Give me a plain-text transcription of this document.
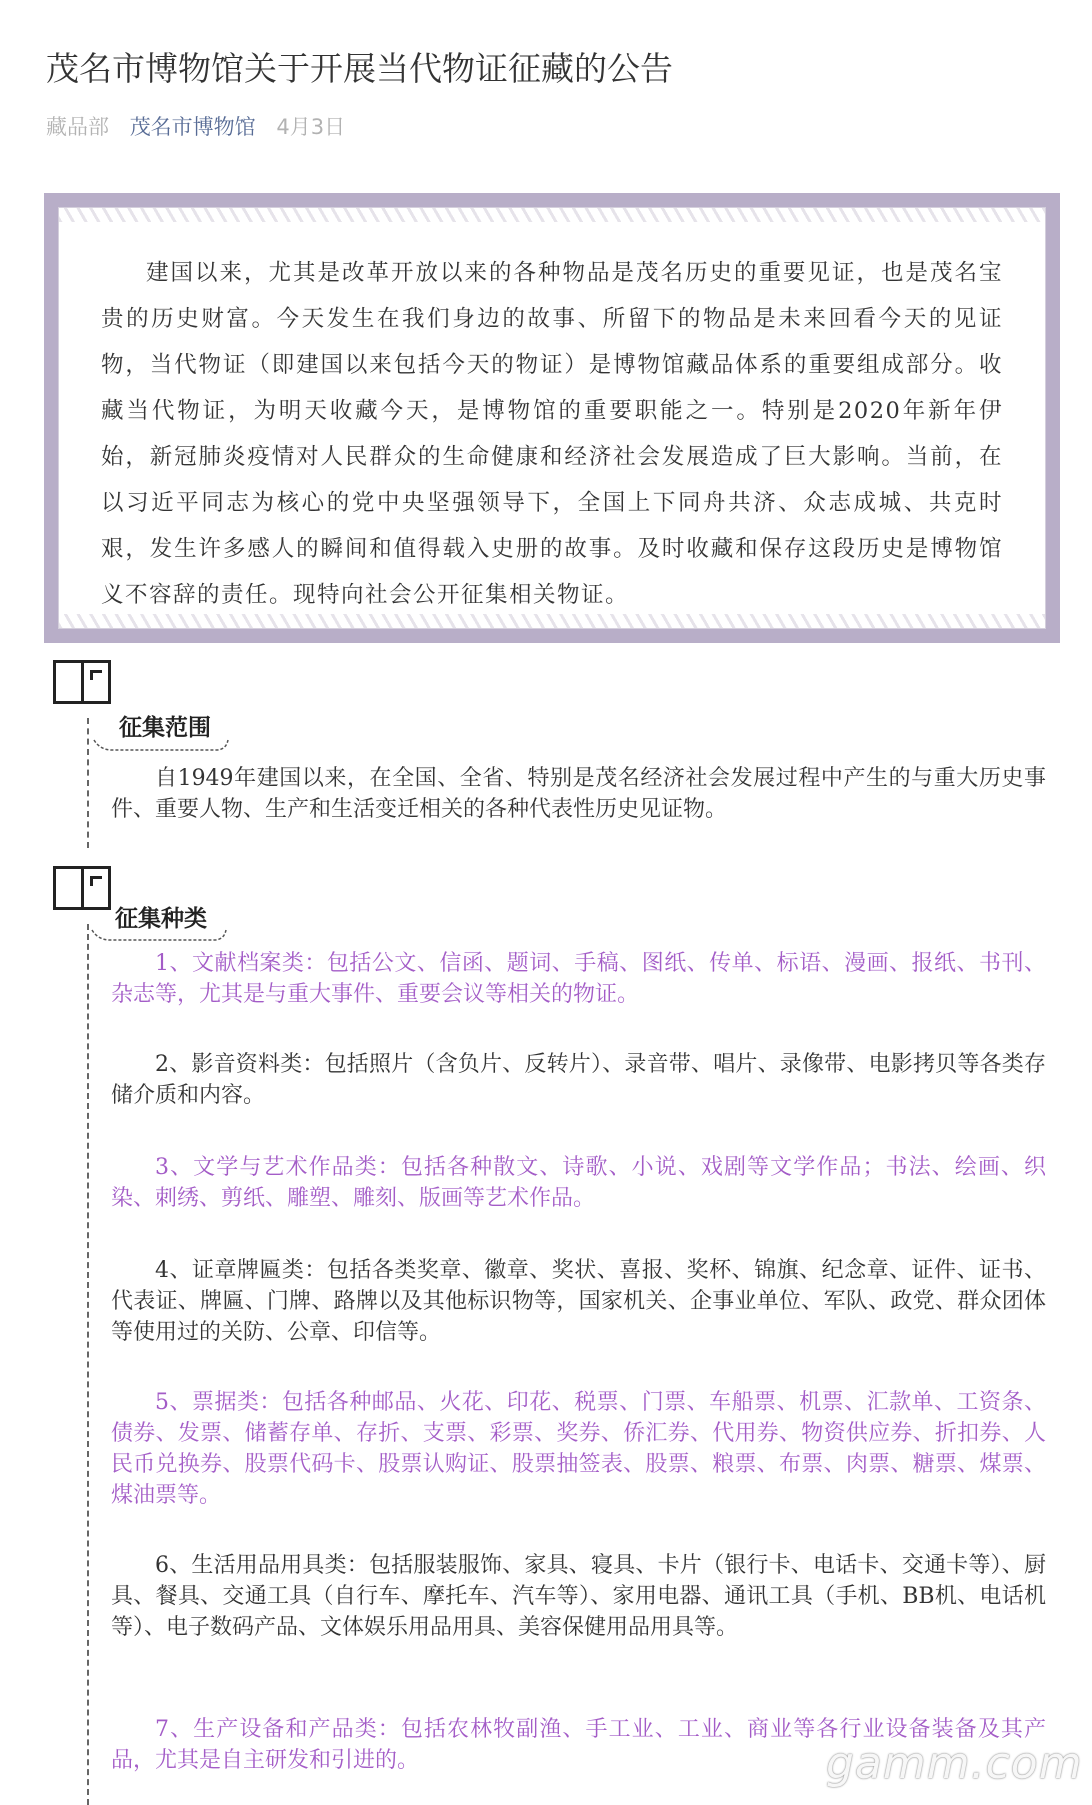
茂名市博物馆关于开展当代物证征藏的公告
藏品部 茂名市博物馆 4月3日

建国以来，尤其是改革开放以来的各种物品是茂名历史的重要见证，也是茂名宝贵的历史财富。今天发生在我们身边的故事、所留下的物品是未来回看今天的见证物，当代物证（即建国以来包括今天的物证）是博物馆藏品体系的重要组成部分。收藏当代物证，为明天收藏今天，是博物馆的重要职能之一。特别是2020年新年伊始，新冠肺炎疫情对人民群众的生命健康和经济社会发展造成了巨大影响。当前，在以习近平同志为核心的党中央坚强领导下，全国上下同舟共济、众志成城、共克时艰，发生许多感人的瞬间和值得载入史册的故事。及时收藏和保存这段历史是博物馆义不容辞的责任。现特向社会公开征集相关物证。

征集范围

自1949年建国以来，在全国、全省、特别是茂名经济社会发展过程中产生的与重大历史事件、重要人物、生产和生活变迁相关的各种代表性历史见证物。

征集种类

1、文献档案类：包括公文、信函、题词、手稿、图纸、传单、标语、漫画、报纸、书刊、杂志等，尤其是与重大事件、重要会议等相关的物证。

2、影音资料类：包括照片（含负片、反转片）、录音带、唱片、录像带、电影拷贝等各类存储介质和内容。

3、文学与艺术作品类：包括各种散文、诗歌、小说、戏剧等文学作品；书法、绘画、织染、刺绣、剪纸、雕塑、雕刻、版画等艺术作品。

4、证章牌匾类：包括各类奖章、徽章、奖状、喜报、奖杯、锦旗、纪念章、证件、证书、代表证、牌匾、门牌、路牌以及其他标识物等，国家机关、企事业单位、军队、政党、群众团体等使用过的关防、公章、印信等。

5、票据类：包括各种邮品、火花、印花、税票、门票、车船票、机票、汇款单、工资条、债券、发票、储蓄存单、存折、支票、彩票、奖券、侨汇券、代用券、物资供应券、折扣券、人民币兑换券、股票代码卡、股票认购证、股票抽签表、股票、粮票、布票、肉票、糖票、煤票、煤油票等。

6、生活用品用具类：包括服装服饰、家具、寝具、卡片（银行卡、电话卡、交通卡等）、厨具、餐具、交通工具（自行车、摩托车、汽车等）、家用电器、通讯工具（手机、BB机、电话机等）、电子数码产品、文体娱乐用品用具、美容保健用品用具等。

7、生产设备和产品类：包括农林牧副渔、手工业、工业、商业等各行业设备装备及其产品，尤其是自主研发和引进的。	gamm.com
